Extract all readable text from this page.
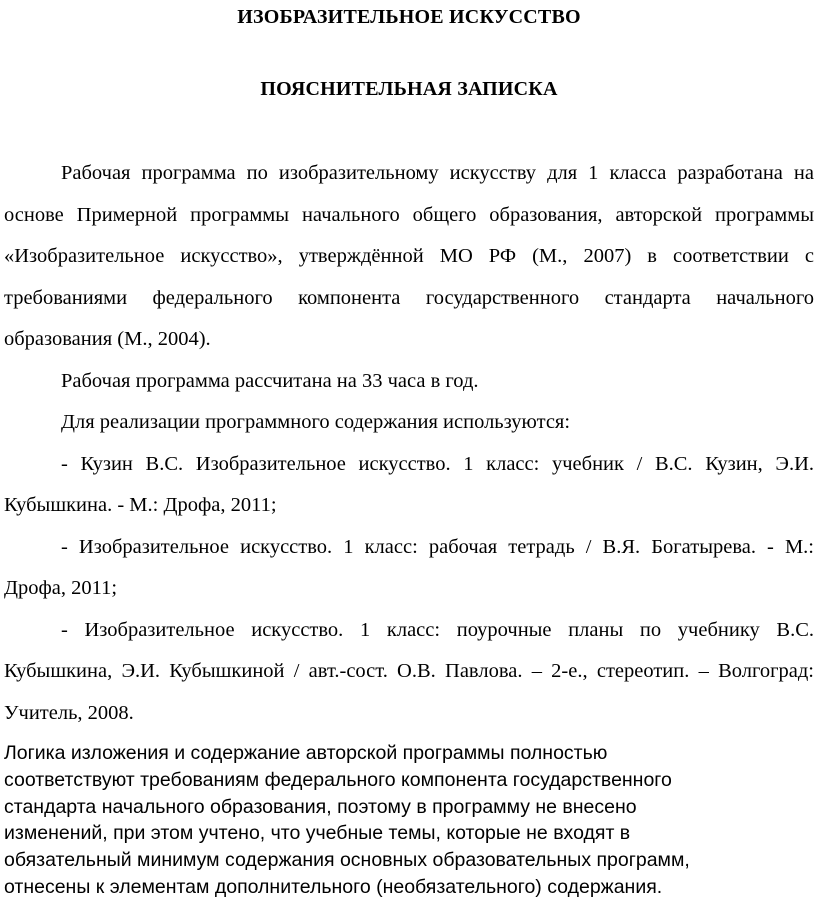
ИЗОБРАЗИТЕЛЬНОЕ ИСКУССТВО
ПОЯСНИТЕЛЬНАЯ ЗАПИСКА

Рабочая программа по изобразительному искусству для 1 класса разработана на основе Примерной программы начального общего образования, авторской программы «Изобразительное искусство», утверждённой МО РФ (М., 2007) в соответствии с требованиями федерального компонента государственного стандарта начального образования (М., 2004).

Рабочая программа рассчитана на 33 часа в год.

Для реализации программного содержания используются:

- Кузин В.С. Изобразительное искусство. 1 класс: учебник / В.С. Кузин, Э.И. Кубышкина. - М.: Дрофа, 2011;

- Изобразительное искусство. 1 класс: рабочая тетрадь / В.Я. Богатырева. - М.: Дрофа, 2011;

- Изобразительное искусство. 1 класс: поурочные планы по учебнику В.С. Кубышкина, Э.И. Кубышкиной / авт.-сост. О.В. Павлова. – 2-е., стереотип. – Волгоград: Учитель, 2008.

Логика изложения и содержание авторской программы полностью

соответствуют требованиям федерального компонента государственного

стандарта начального образования, поэтому в программу не внесено

изменений, при этом учтено, что учебные темы, которые не входят в

обязательный минимум содержания основных образовательных программ,

отнесены к элементам дополнительного (необязательного) содержания.
